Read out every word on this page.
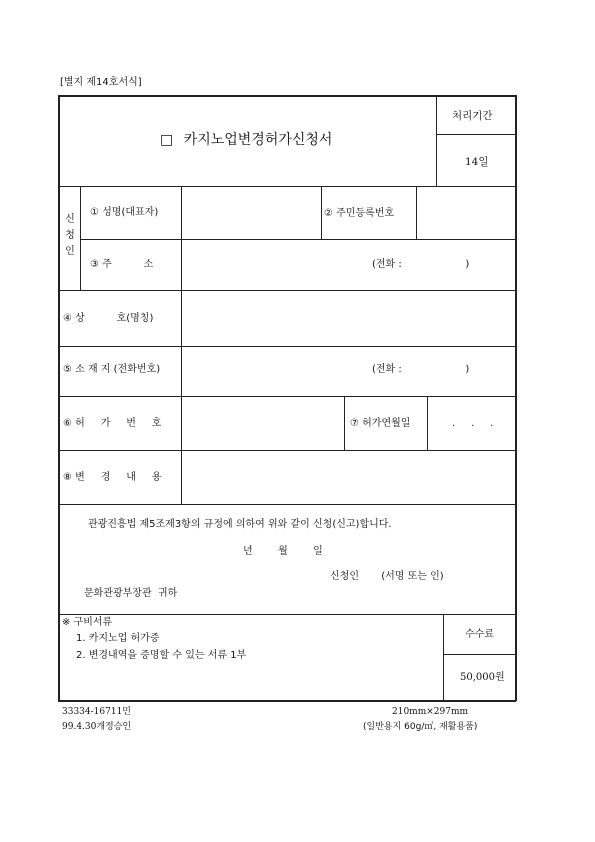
[별지 제14호서식]
□ 카지노업변경허가신청서
처리기간
14일
신
청
인
① 성명(대표자)	② 주민등록번호
③ 주          소	(전화 :                    )
④ 상          호(명칭)
⑤ 소 재 지 (전화번호)	(전화 :                    )
⑥ 허     가     번     호	⑦ 허가연월일	.     .     .
⑧ 변     경     내     용
관광진흥법 제5조제3항의 규정에 의하여 위와 같이 신청(신고)합니다.
년        월        일
신청인       (서명 또는 인)
문화관광부장관  귀하
※ 구비서류
1. 카지노업 허가증
2. 변경내역을 증명할 수 있는 서류 1부
수수료
50,000원
33334-16711민
99.4.30개정승인
210mm×297mm
(일반용지 60g/㎡, 재활용품)
